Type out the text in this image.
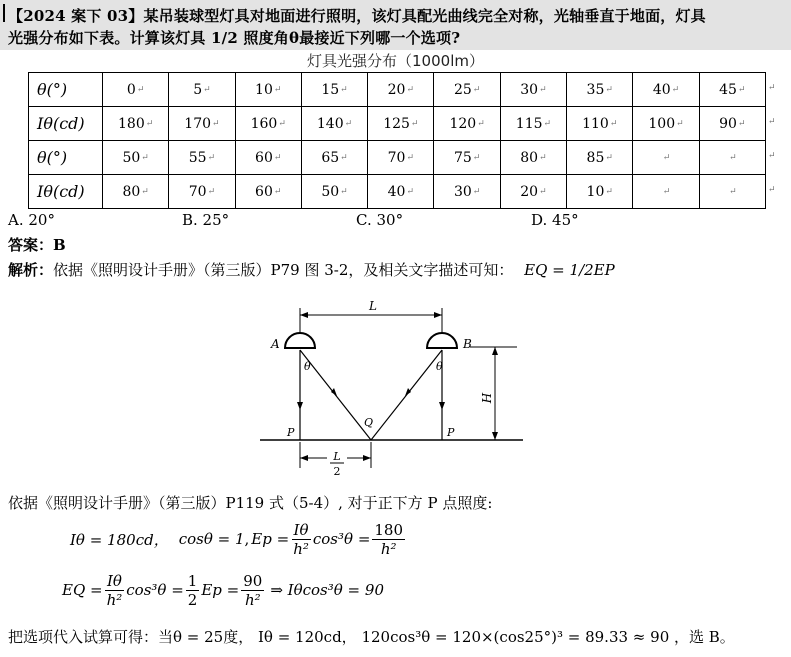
【2024 案下 03】某吊装球型灯具对地面进行照明，该灯具配光曲线完全对称，光轴垂直于地面，灯具
光强分布如下表。计算该灯具 1/2 照度角θ最接近下列哪一个选项?
灯具光强分布（1000lm）
θ(°)	0↵	5↵	10↵	15↵	20↵	25↵	30↵	35↵	40↵	45↵
Iθ(cd)	180↵	170↵	160↵	140↵	125↵	120↵	115↵	110↵	100↵	90↵
θ(°)	50↵	55↵	60↵	65↵	70↵	75↵	80↵	85↵	↵	↵
Iθ(cd)	80↵	70↵	60↵	50↵	40↵	30↵	20↵	10↵	↵	↵
↵
↵
↵
↵
A. 20°	B. 25°	C. 30°	D. 45°
答案：B
解析：依据《照明设计手册》（第三版）P79 图 3-2，及相关文字描述可知： EQ = 1/2EP
L
A	B
θ	θ
H
P	P
Q
L
2
依据《照明设计手册》（第三版）P119 式（5-4）, 对于正下方 P 点照度:
Iθ = 180cd， cosθ = 1 , $Ep = \frac{I\theta}{\text{h²}} \cos^3\theta = \frac{180}{\text{h²}}$
EQ = $\frac{I\theta}{\text{h²}} \cos^3\theta = \frac{1}{2}$ $Ep = \frac{90}{\text{h²}}$ ⇒ Iθcos³θ = 90
把选项代入试算可得：当θ = 25度， Iθ = 120cd， 120cos³θ = 120×(cos25°)³ = 89.33 ≈ 90 ，选 B。
